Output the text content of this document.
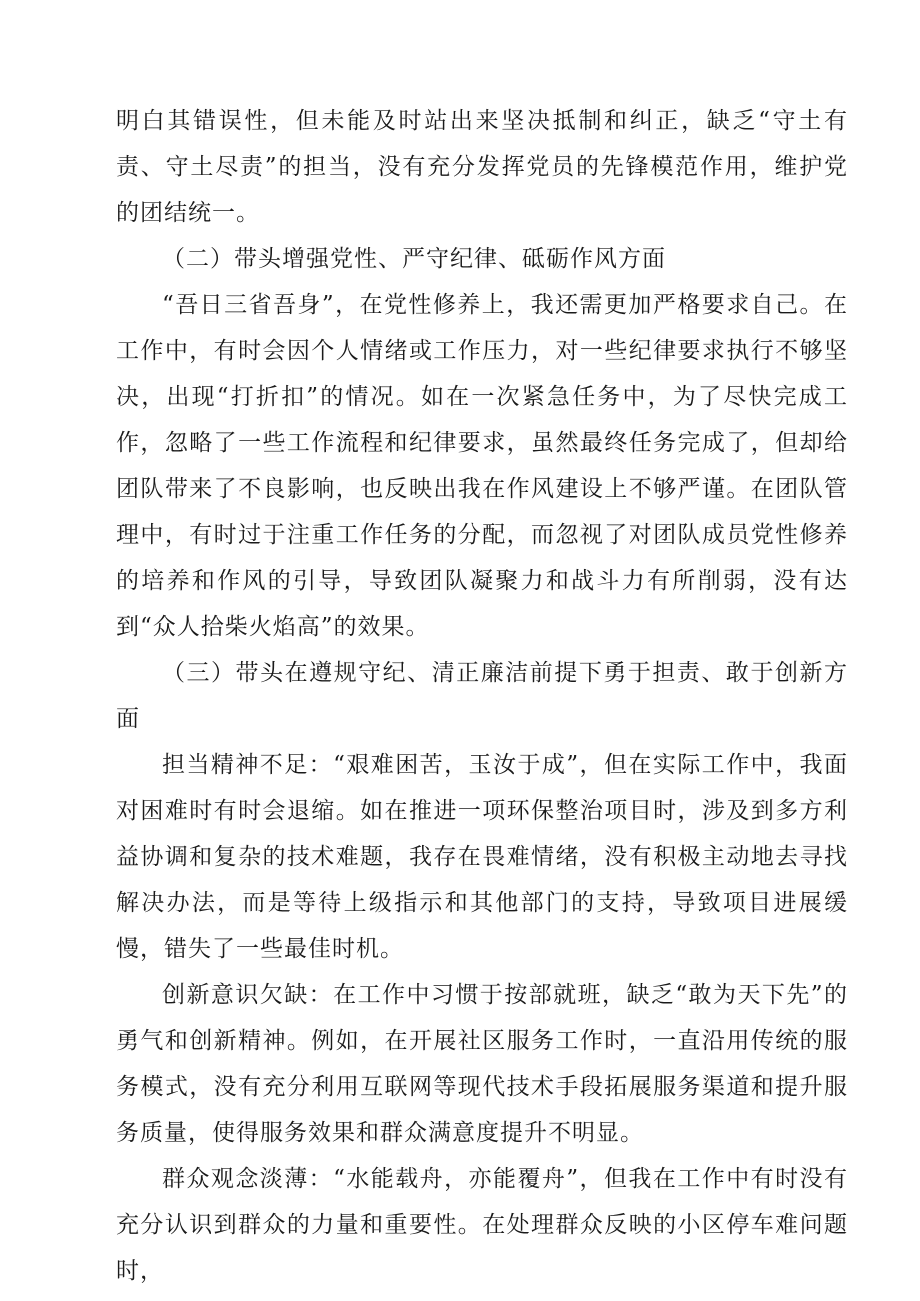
明白其错误性，但未能及时站出来坚决抵制和纠正，缺乏“守土有责、守土尽责”的担当，没有充分发挥党员的先锋模范作用，维护党的团结统一。

（二）带头增强党性、严守纪律、砥砺作风方面

“吾日三省吾身”，在党性修养上，我还需更加严格要求自己。在工作中，有时会因个人情绪或工作压力，对一些纪律要求执行不够坚决，出现“打折扣”的情况。如在一次紧急任务中，为了尽快完成工作，忽略了一些工作流程和纪律要求，虽然最终任务完成了，但却给团队带来了不良影响，也反映出我在作风建设上不够严谨。在团队管理中，有时过于注重工作任务的分配，而忽视了对团队成员党性修养的培养和作风的引导，导致团队凝聚力和战斗力有所削弱，没有达到“众人拾柴火焰高”的效果。

（三）带头在遵规守纪、清正廉洁前提下勇于担责、敢于创新方面

担当精神不足：“艰难困苦，玉汝于成”，但在实际工作中，我面对困难时有时会退缩。如在推进一项环保整治项目时，涉及到多方利益协调和复杂的技术难题，我存在畏难情绪，没有积极主动地去寻找解决办法，而是等待上级指示和其他部门的支持，导致项目进展缓慢，错失了一些最佳时机。

创新意识欠缺：在工作中习惯于按部就班，缺乏“敢为天下先”的勇气和创新精神。例如，在开展社区服务工作时，一直沿用传统的服务模式，没有充分利用互联网等现代技术手段拓展服务渠道和提升服务质量，使得服务效果和群众满意度提升不明显。

群众观念淡薄：“水能载舟，亦能覆舟”，但我在工作中有时没有充分认识到群众的力量和重要性。在处理群众反映的小区停车难问题时，
